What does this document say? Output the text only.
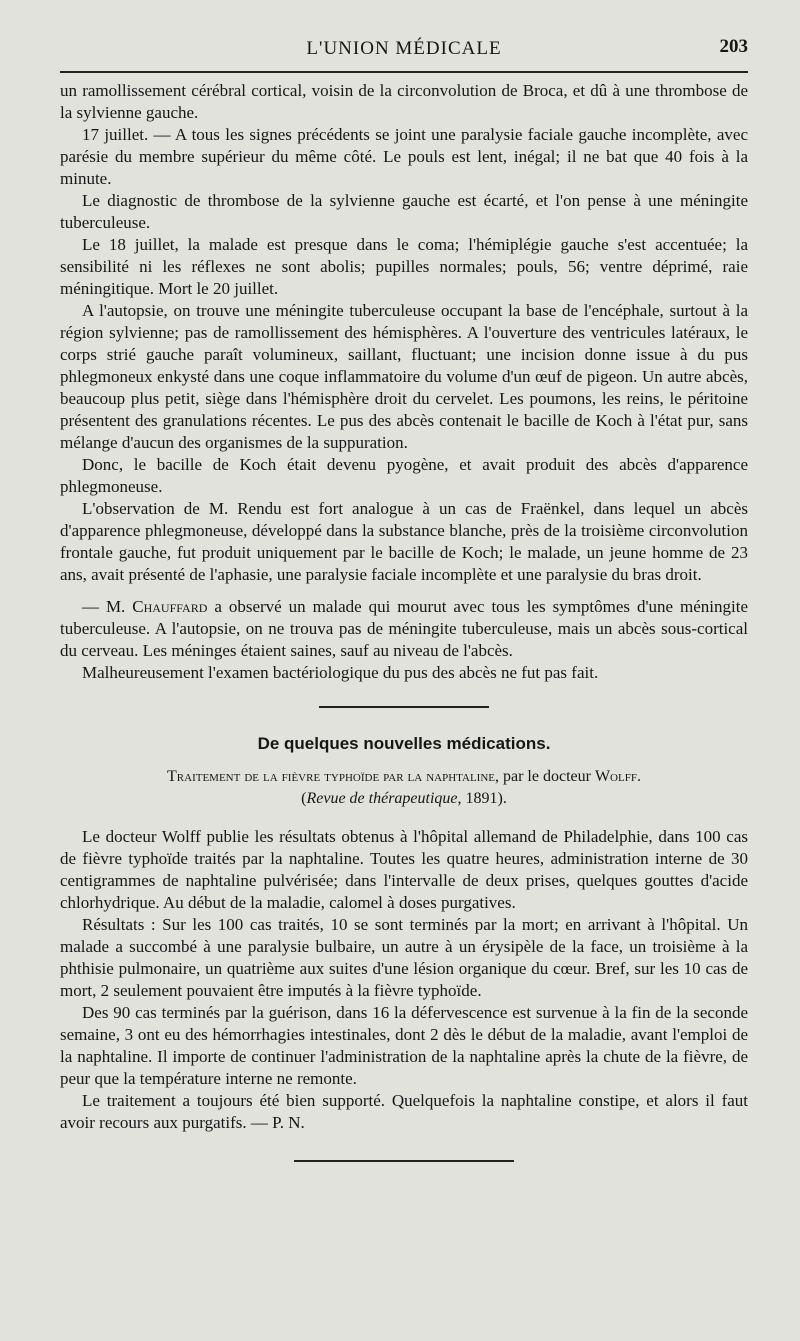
L'UNION MÉDICALE	203

un ramollissement cérébral cortical, voisin de la circonvolution de Broca, et dû à une thrombose de la sylvienne gauche.

17 juillet. — A tous les signes précédents se joint une paralysie faciale gauche incomplète, avec parésie du membre supérieur du même côté. Le pouls est lent, inégal; il ne bat que 40 fois à la minute.

Le diagnostic de thrombose de la sylvienne gauche est écarté, et l'on pense à une méningite tuberculeuse.

Le 18 juillet, la malade est presque dans le coma; l'hémiplégie gauche s'est accentuée; la sensibilité ni les réflexes ne sont abolis; pupilles normales; pouls, 56; ventre déprimé, raie méningitique. Mort le 20 juillet.

A l'autopsie, on trouve une méningite tuberculeuse occupant la base de l'encéphale, surtout à la région sylvienne; pas de ramollissement des hémisphères. A l'ouverture des ventricules latéraux, le corps strié gauche paraît volumineux, saillant, fluctuant; une incision donne issue à du pus phlegmoneux enkysté dans une coque inflammatoire du volume d'un œuf de pigeon. Un autre abcès, beaucoup plus petit, siège dans l'hémisphère droit du cervelet. Les poumons, les reins, le péritoine présentent des granulations récentes. Le pus des abcès contenait le bacille de Koch à l'état pur, sans mélange d'aucun des organismes de la suppuration.

Donc, le bacille de Koch était devenu pyogène, et avait produit des abcès d'apparence phlegmoneuse.

L'observation de M. Rendu est fort analogue à un cas de Fraënkel, dans lequel un abcès d'apparence phlegmoneuse, développé dans la substance blanche, près de la troisième circonvolution frontale gauche, fut produit uniquement par le bacille de Koch; le malade, un jeune homme de 23 ans, avait présenté de l'aphasie, une paralysie faciale incomplète et une paralysie du bras droit.

— M. Chauffard a observé un malade qui mourut avec tous les symptômes d'une méningite tuberculeuse. A l'autopsie, on ne trouva pas de méningite tuberculeuse, mais un abcès sous-cortical du cerveau. Les méninges étaient saines, sauf au niveau de l'abcès.

Malheureusement l'examen bactériologique du pus des abcès ne fut pas fait.

De quelques nouvelles médications.
Traitement de la fièvre typhoïde par la naphtaline, par le docteur Wolff.
(Revue de thérapeutique, 1891).

Le docteur Wolff publie les résultats obtenus à l'hôpital allemand de Philadelphie, dans 100 cas de fièvre typhoïde traités par la naphtaline. Toutes les quatre heures, administration interne de 30 centigrammes de naphtaline pulvérisée; dans l'intervalle de deux prises, quelques gouttes d'acide chlorhydrique. Au début de la maladie, calomel à doses purgatives.

Résultats : Sur les 100 cas traités, 10 se sont terminés par la mort; en arrivant à l'hôpital. Un malade a succombé à une paralysie bulbaire, un autre à un érysipèle de la face, un troisième à la phthisie pulmonaire, un quatrième aux suites d'une lésion organique du cœur. Bref, sur les 10 cas de mort, 2 seulement pouvaient être imputés à la fièvre typhoïde.

Des 90 cas terminés par la guérison, dans 16 la défervescence est survenue à la fin de la seconde semaine, 3 ont eu des hémorrhagies intestinales, dont 2 dès le début de la maladie, avant l'emploi de la naphtaline. Il importe de continuer l'administration de la naphtaline après la chute de la fièvre, de peur que la température interne ne remonte.

Le traitement a toujours été bien supporté. Quelquefois la naphtaline constipe, et alors il faut avoir recours aux purgatifs. — P. N.
